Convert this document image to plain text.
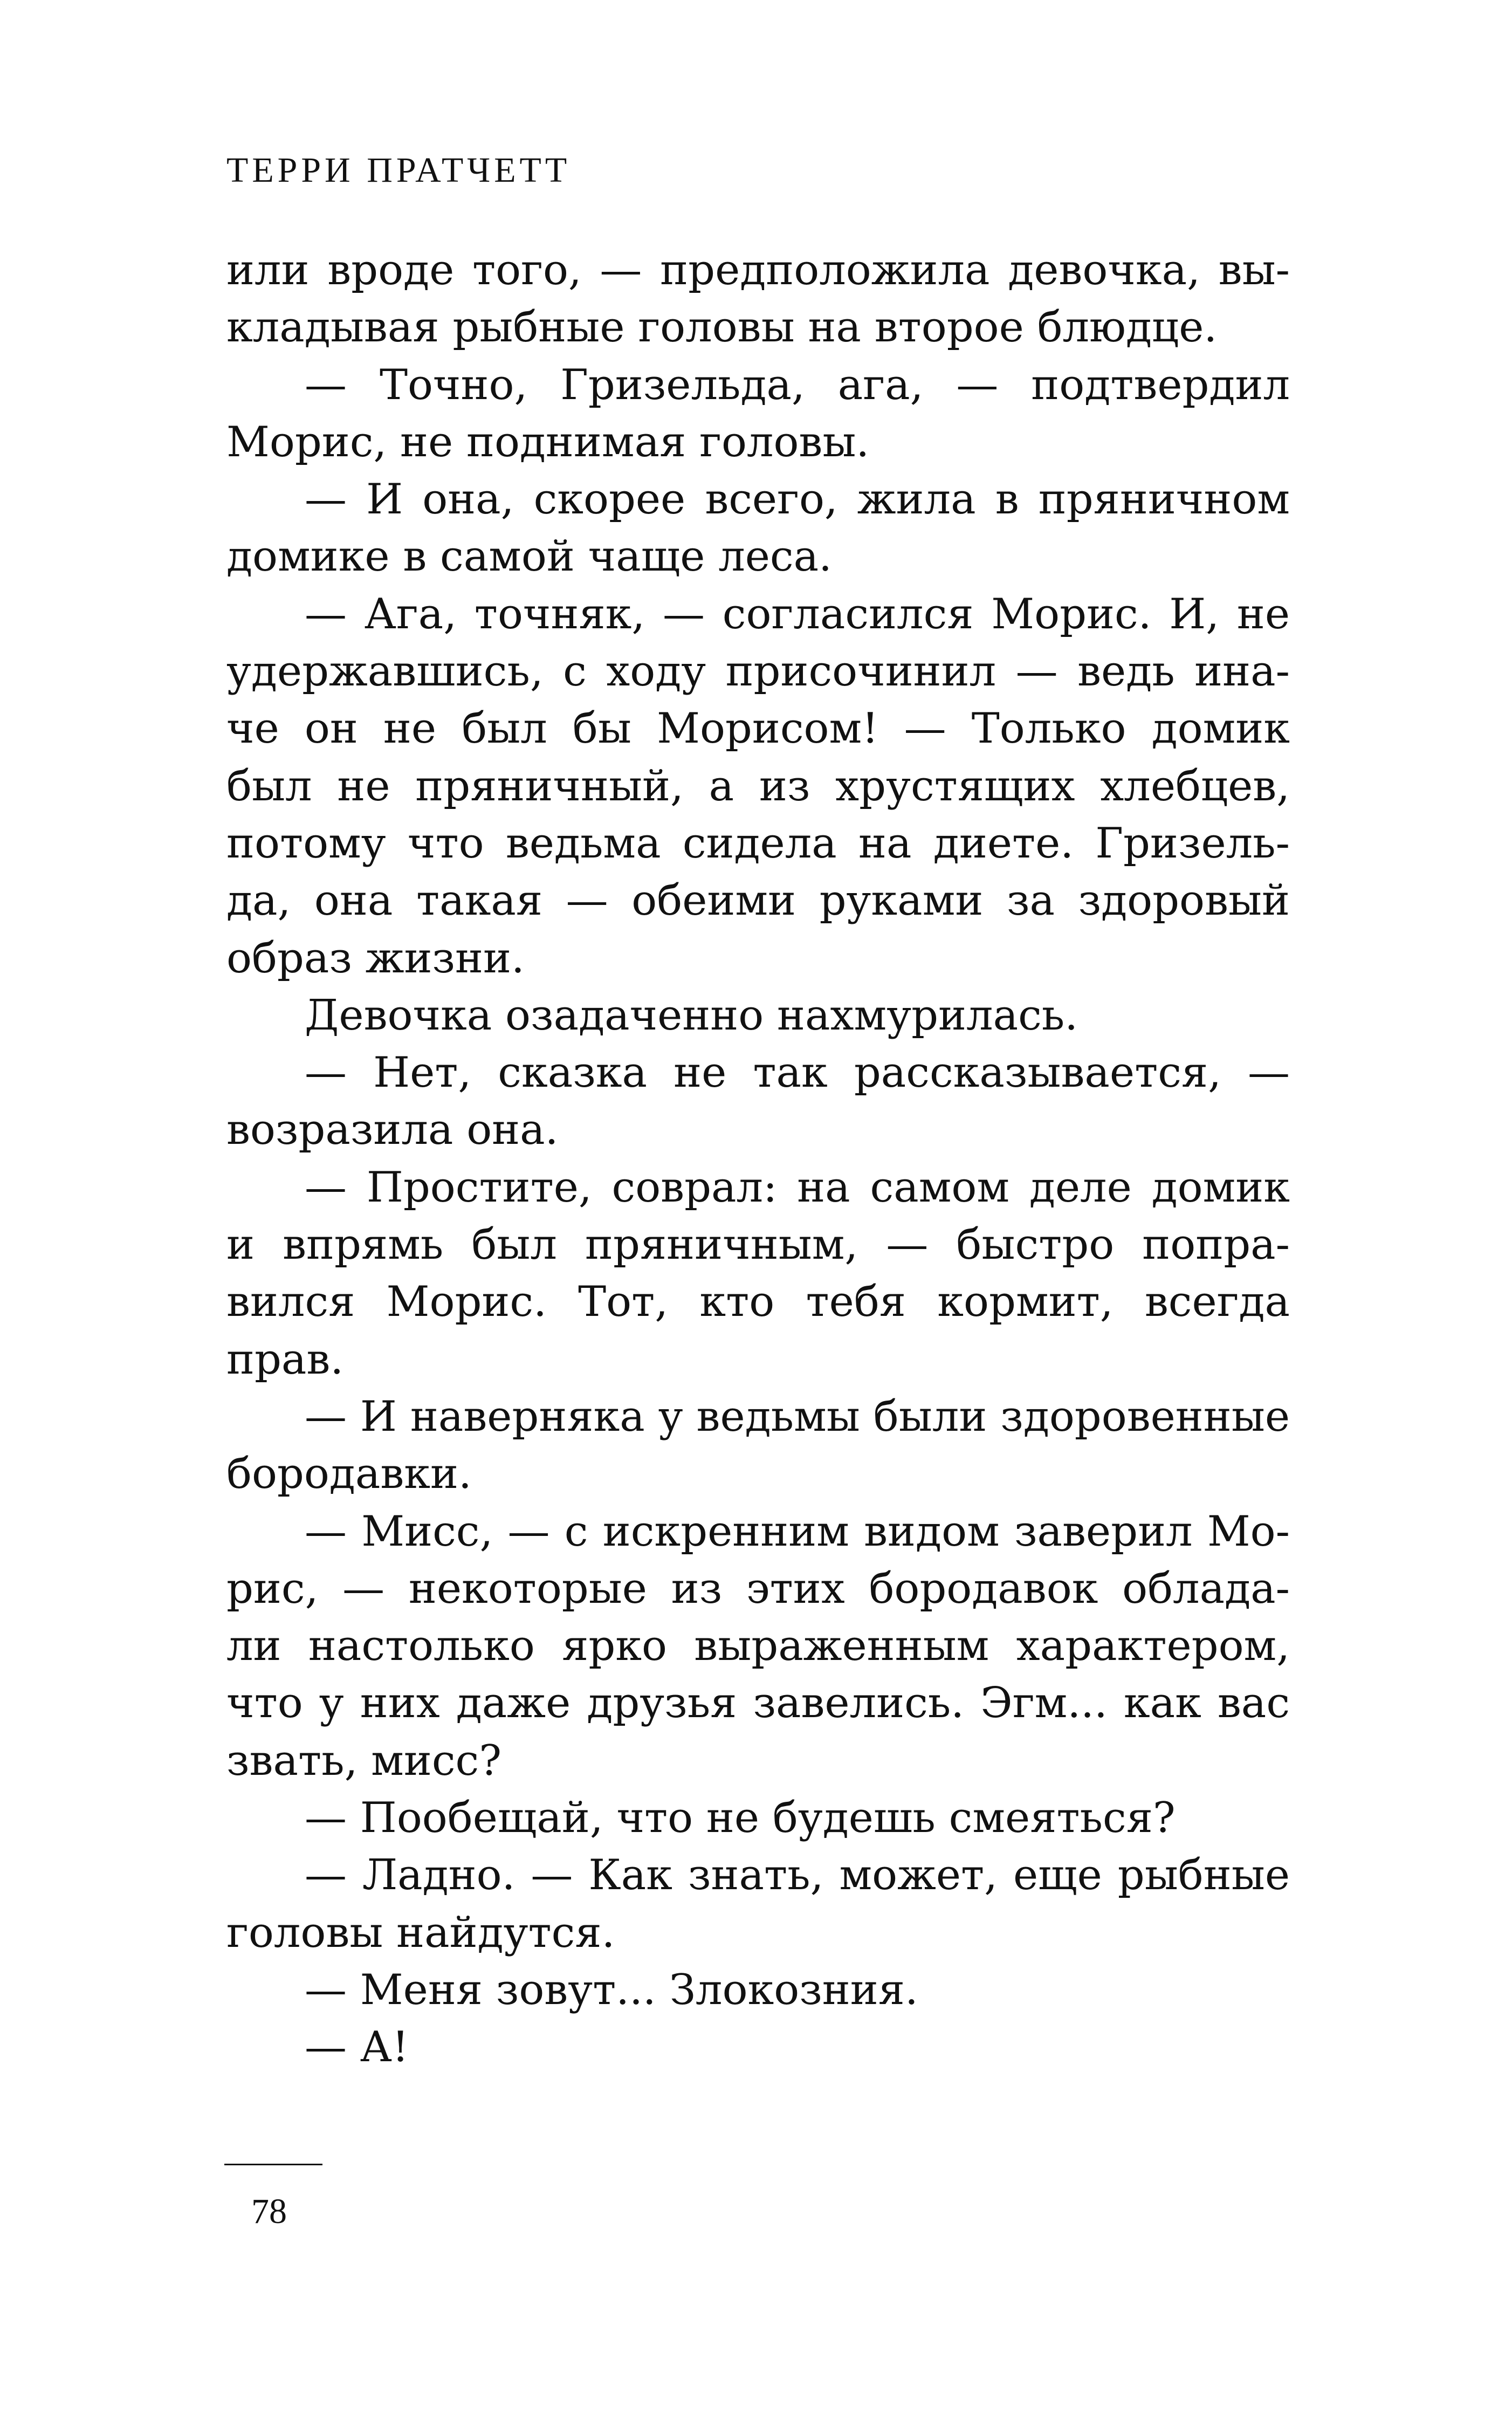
ТЕРРИ ПРАТЧЕТТ
или вроде того, — предположила девочка, вы-
кладывая рыбные головы на второе блюдце.
— Точно, Гризельда, ага, — подтвердил
Морис, не поднимая головы.
— И она, скорее всего, жила в пряничном
домике в самой чаще леса.
— Ага, точняк, — согласился Морис. И, не
удержавшись, с ходу присочинил — ведь ина-
че он не был бы Морисом! — Только домик
был не пряничный, а из хрустящих хлебцев,
потому что ведьма сидела на диете. Гризель-
да, она такая — обеими руками за здоровый
образ жизни.
Девочка озадаченно нахмурилась.
— Нет, сказка не так рассказывается, —
возразила она.
— Простите, соврал: на самом деле домик
и впрямь был пряничным, — быстро попра-
вился Морис. Тот, кто тебя кормит, всегда
прав.
— И наверняка у ведьмы были здоровенные
бородавки.
— Мисс, — с искренним видом заверил Мо-
рис, — некоторые из этих бородавок облада-
ли настолько ярко выраженным характером,
что у них даже друзья завелись. Эгм... как вас
звать, мисс?
— Пообещай, что не будешь смеяться?
— Ладно. — Как знать, может, еще рыбные
головы найдутся.
— Меня зовут... Злокозния.
— А!
78
